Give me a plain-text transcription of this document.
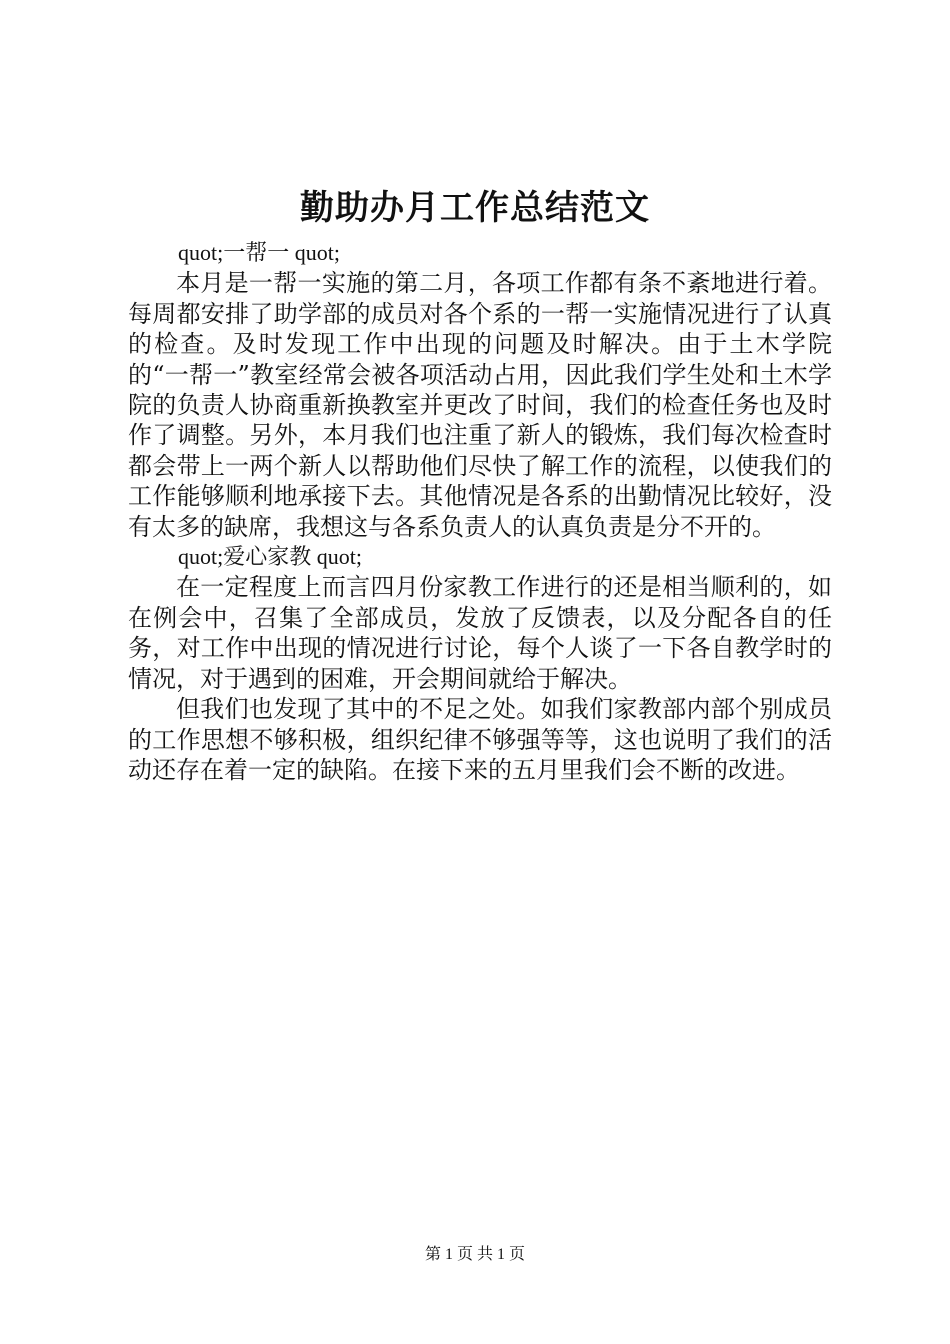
勤助办月工作总结范文

quot;一帮一 quot;

本月是一帮一实施的第二月，各项工作都有条不紊地进行着。每周都安排了助学部的成员对各个系的一帮一实施情况进行了认真的检查。及时发现工作中出现的问题及时解决。由于土木学院的“一帮一”教室经常会被各项活动占用，因此我们学生处和土木学院的负责人协商重新换教室并更改了时间，我们的检查任务也及时作了调整。另外，本月我们也注重了新人的锻炼，我们每次检查时都会带上一两个新人以帮助他们尽快了解工作的流程，以使我们的工作能够顺利地承接下去。其他情况是各系的出勤情况比较好，没有太多的缺席，我想这与各系负责人的认真负责是分不开的。

quot;爱心家教 quot;

在一定程度上而言四月份家教工作进行的还是相当顺利的，如在例会中，召集了全部成员，发放了反馈表，以及分配各自的任务，对工作中出现的情况进行讨论，每个人谈了一下各自教学时的情况，对于遇到的困难，开会期间就给于解决。

但我们也发现了其中的不足之处。如我们家教部内部个别成员的工作思想不够积极，组织纪律不够强等等，这也说明了我们的活动还存在着一定的缺陷。在接下来的五月里我们会不断的改进。

第 1 页 共 1 页
